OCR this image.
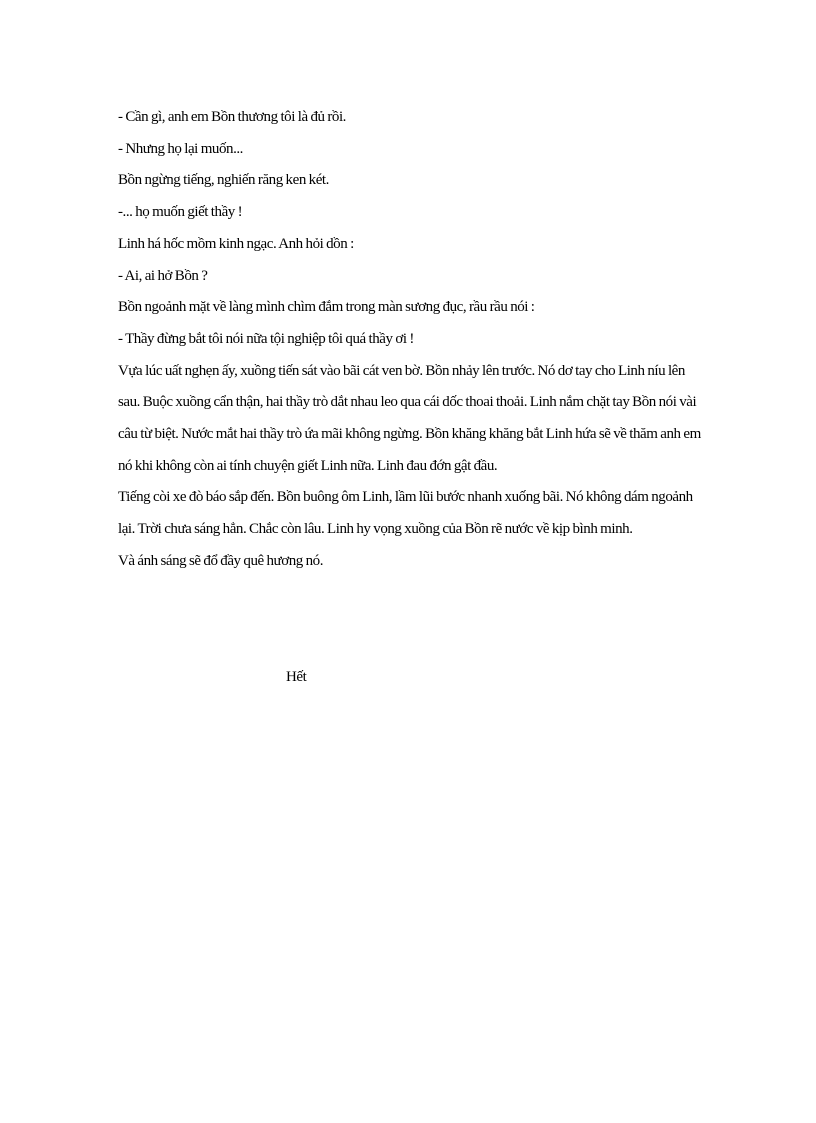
- Cần gì, anh em Bồn thương tôi là đủ rồi.

- Nhưng họ lại muốn...

Bồn ngừng tiếng, nghiến răng ken két.

-... họ muốn giết thầy !

Linh há hốc mồm kinh ngạc. Anh hỏi dồn :

- Ai, ai hở Bồn ?

Bồn ngoảnh mặt về làng mình chìm đắm trong màn sương đục, rầu rầu nói :

- Thầy đừng bắt tôi nói nữa tội nghiệp tôi quá thầy ơi !

Vựa lúc uất nghẹn ấy, xuồng tiến sát vào bãi cát ven bờ. Bồn nhảy lên trước. Nó dơ tay cho Linh níu lên sau. Buộc xuồng cẩn thận, hai thầy trò dắt nhau leo qua cái dốc thoai thoải. Linh nắm chặt tay Bồn nói vài câu từ biệt. Nước mắt hai thầy trò ứa mãi không ngừng. Bồn khăng khăng bắt Linh hứa sẽ về thăm anh em nó khi không còn ai tính chuyện giết Linh nữa. Linh đau đớn gật đầu.

Tiếng còi xe đò báo sắp đến. Bồn buông ôm Linh, lầm lũi bước nhanh xuống bãi. Nó không dám ngoảnh lại. Trời chưa sáng hẳn. Chắc còn lâu. Linh hy vọng xuồng của Bồn rẽ nước về kịp bình minh.

Và ánh sáng sẽ đổ đầy quê hương nó.

Hết
